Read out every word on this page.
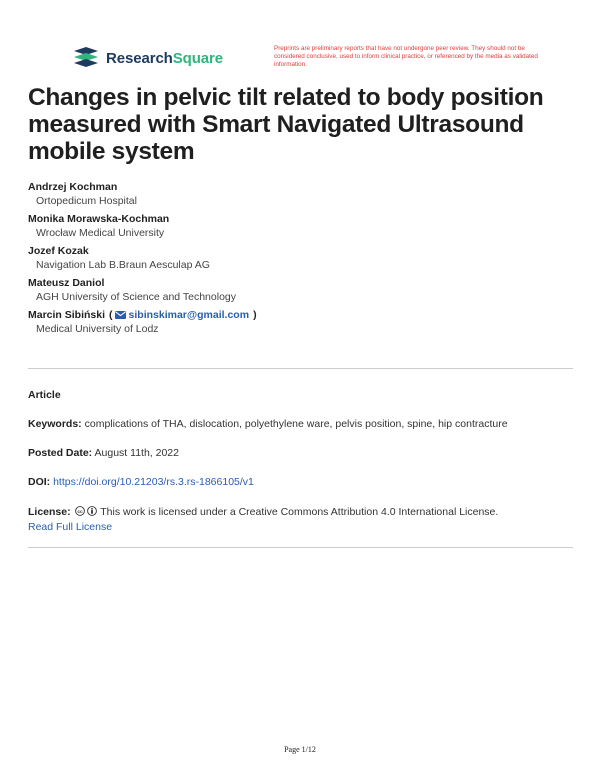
ResearchSquare
Preprints are preliminary reports that have not undergone peer review. They should not be considered conclusive, used to inform clinical practice, or referenced by the media as validated information.
Changes in pelvic tilt related to body position measured with Smart Navigated Ultrasound mobile system
Andrzej Kochman
Ortopedicum Hospital
Monika Morawska-Kochman
Wrocław Medical University
Jozef Kozak
Navigation Lab B.Braun Aesculap AG
Mateusz Daniol
AGH University of Science and Technology
Marcin Sibiński ( sibinskimar@gmail.com )
Medical University of Lodz
Article
Keywords: complications of THA, dislocation, polyethylene ware, pelvis position, spine, hip contracture
Posted Date: August 11th, 2022
DOI: https://doi.org/10.21203/rs.3.rs-1866105/v1
License: cc This work is licensed under a Creative Commons Attribution 4.0 International License.
Read Full License
Page 1/12
